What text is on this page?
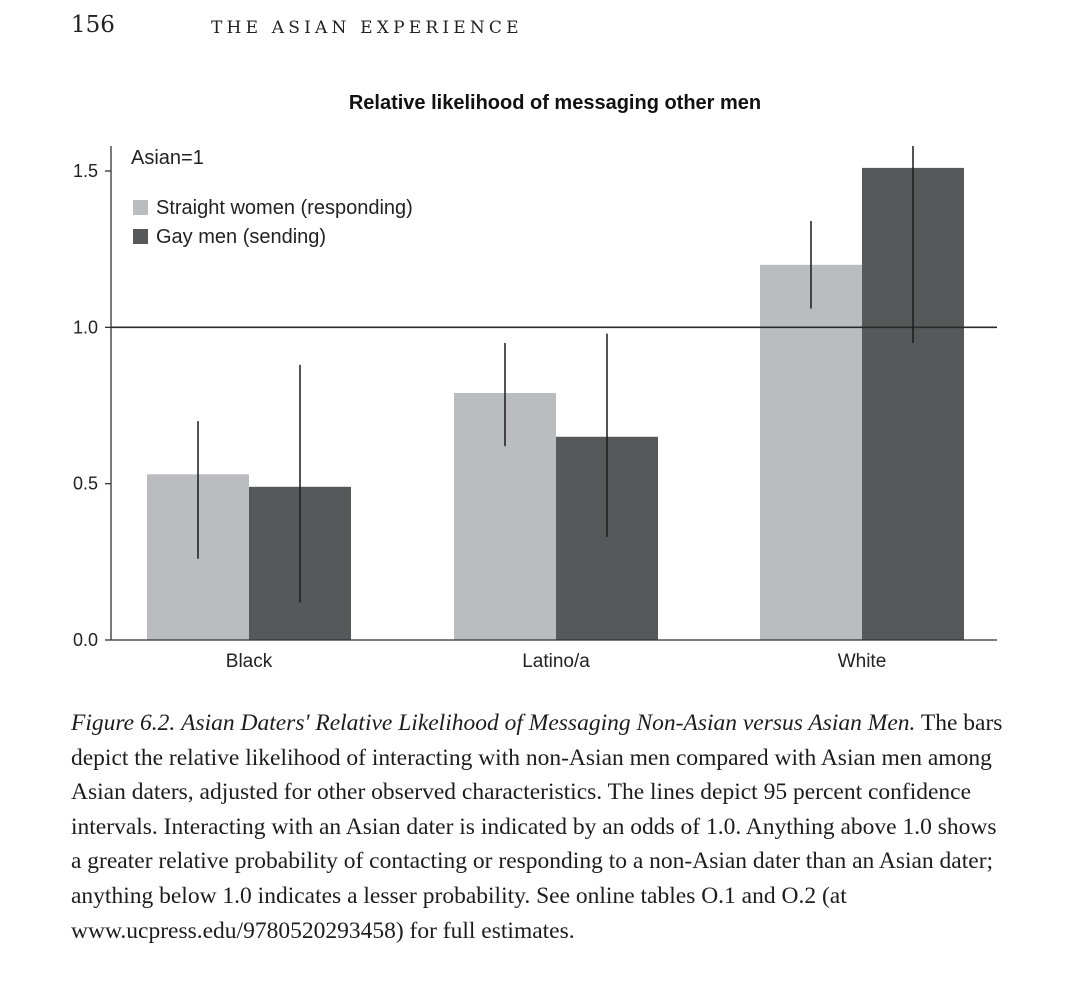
156	THE ASIAN EXPERIENCE
Relative likelihood of messaging other men
Asian=1
0.0
0.5
1.0
1.5
Black	Latino/a	White
Straight women (responding)
Gay men (sending)
Figure 6.2. Asian Daters' Relative Likelihood of Messaging Non-Asian versus Asian Men. The bars depict the relative likelihood of interacting with non-Asian men compared with Asian men among Asian daters, adjusted for other observed characteristics. The lines depict 95 percent confidence intervals. Interacting with an Asian dater is indicated by an odds of 1.0. Anything above 1.0 shows a greater relative probability of contacting or responding to a non-Asian dater than an Asian dater; anything below 1.0 indicates a lesser probability. See online tables O.1 and O.2 (at www.ucpress.edu/9780520293458) for full estimates.
